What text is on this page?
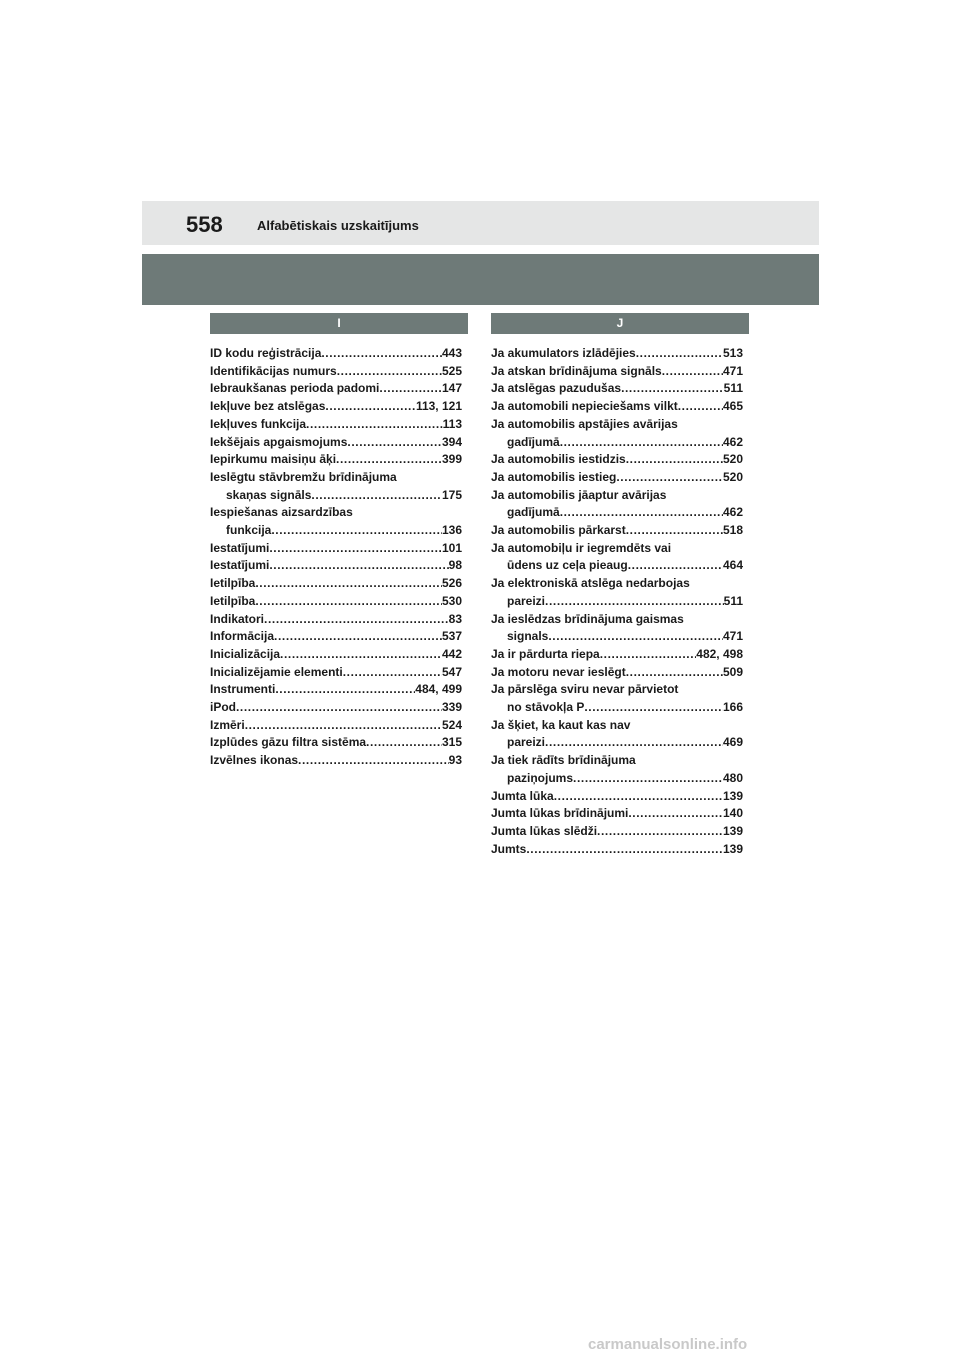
558	Alfabētiskais uzskaitījums
I	J
ID kodu reģistrācija .....	443
Identifikācijas numurs .....	525
Iebraukšanas perioda padomi .....	147
Iekļuve bez atslēgas .....	113, 121
Iekļuves funkcija .....	113
Iekšējais apgaismojums .....	394
Iepirkumu maisiņu āķi .....	399
Ieslēgtu stāvbremžu brīdinājuma
skaņas signāls .....	175
Iespiešanas aizsardzības
funkcija .....	136
Iestatījumi .....	101
Iestatījumi .....	98
Ietilpība .....	526
Ietilpība .....	530
Indikatori .....	83
Informācija .....	537
Inicializācija .....	442
Inicializējamie elementi .....	547
Instrumenti .....	484, 499
iPod .....	339
Izmēri .....	524
Izplūdes gāzu filtra sistēma .....	315
Izvēlnes ikonas .....	93
Ja akumulators izlādējies .....	513
Ja atskan brīdinājuma signāls .....	471
Ja atslēgas pazudušas .....	511
Ja automobili nepieciešams vilkt .....	465
Ja automobilis apstājies avārijas
gadījumā .....	462
Ja automobilis iestidzis .....	520
Ja automobilis iestieg .....	520
Ja automobilis jāaptur avārijas
gadījumā .....	462
Ja automobilis pārkarst .....	518
Ja automobiļu ir iegremdēts vai
ūdens uz ceļa pieaug .....	464
Ja elektroniskā atslēga nedarbojas
pareizi .....	511
Ja ieslēdzas brīdinājuma gaismas
signals .....	471
Ja ir pārdurta riepa .....	482, 498
Ja motoru nevar ieslēgt .....	509
Ja pārslēga sviru nevar pārvietot
no stāvokļa P .....	166
Ja šķiet, ka kaut kas nav
pareizi .....	469
Ja tiek rādīts brīdinājuma
paziņojums .....	480
Jumta lūka .....	139
Jumta lūkas brīdinājumi .....	140
Jumta lūkas slēdži .....	139
Jumts .....	139
carmanualsonline.info
